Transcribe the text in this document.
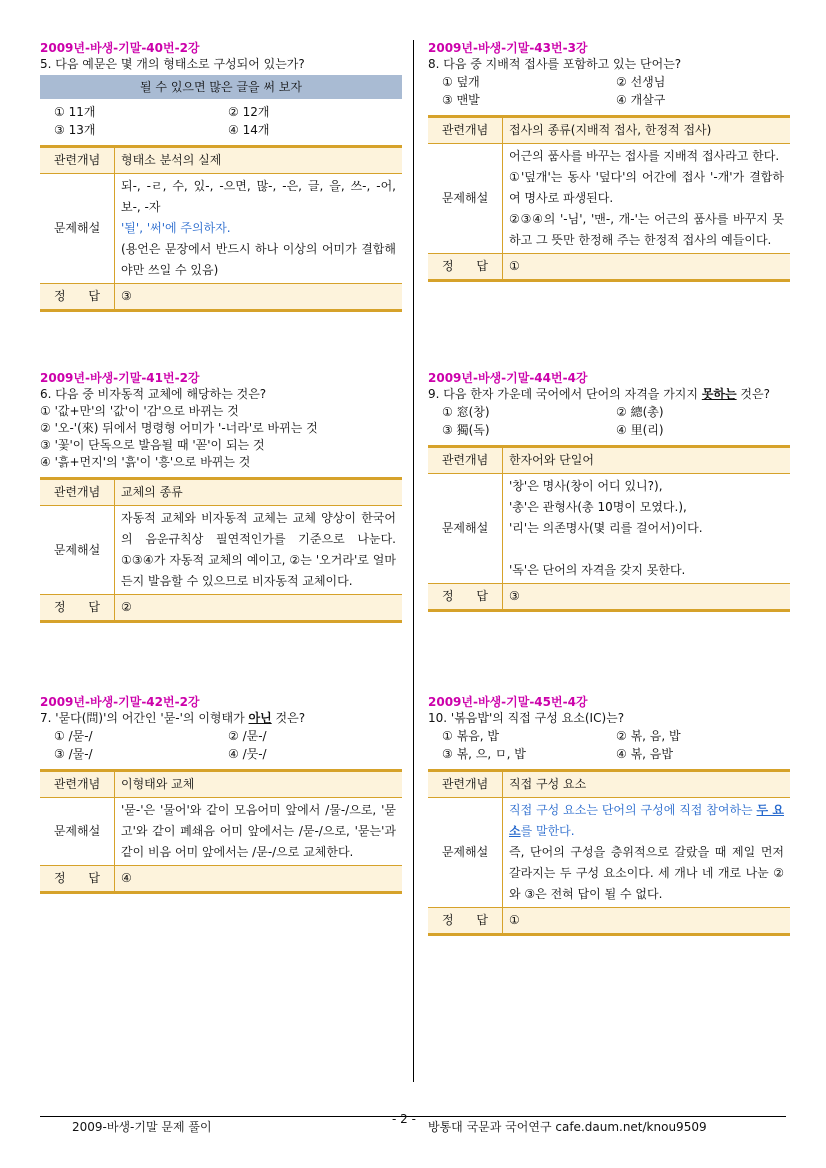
2009년-바생-기말-40번-2강
5. 다음 예문은 몇 개의 형태소로 구성되어 있는가?
될 수 있으면 많은 글을 써 보자
① 11개	② 12개
③ 13개	④ 14개
관련개념	형태소 분석의 실제
문제해설	되-, -ㄹ, 수, 있-, -으면, 많-, -은, 글, 을, 쓰-, -어, 보-, -자
'될', '써'에 주의하자.
(용언은 문장에서 반드시 하나 이상의 어미가 결합해야만 쓰일 수 있음)

정      답	③
2009년-바생-기말-41번-2강
6. 다음 중 비자동적 교체에 해당하는 것은?
① '값+만'의 '값'이 '감'으로 바뀌는 것
② '오-'(來) 뒤에서 명령형 어미가 '-너라'로 바뀌는 것
③ '꽃'이 단독으로 발음될 때 '꼳'이 되는 것
④ '흙+먼지'의 '흙'이 '흥'으로 바뀌는 것
관련개념	교체의 종류
문제해설	자동적 교체와 비자동적 교체는 교체 양상이 한국어의 음운규칙상 필연적인가를 기준으로 나눈다. ①③④가 자동적 교체의 예이고, ②는 '오거라'로 얼마든지 발음할 수 있으므로 비자동적 교체이다.
정      답	②
2009년-바생-기말-42번-2강
7. '묻다(問)'의 어간인 '묻-'의 이형태가 아닌 것은?
① /묻-/	② /문-/
③ /물-/	④ /뭇-/
관련개념	이형태와 교체
문제해설	'묻-'은 '물어'와 같이 모음어미 앞에서 /물-/으로, '묻고'와 같이 폐쇄음 어미 앞에서는 /묻-/으로, '묻는'과 같이 비음 어미 앞에서는 /문-/으로 교체한다.
정      답	④
2009년-바생-기말-43번-3강
8. 다음 중 지배적 접사를 포함하고 있는 단어는?
① 덮개	② 선생님
③ 맨발	④ 개살구
관련개념	접사의 종류(지배적 접사, 한정적 접사)
문제해설	어근의 품사를 바꾸는 접사를 지배적 접사라고 한다.
①'덮개'는 동사 '덮다'의 어간에 접사 '-개'가 결합하여 명사로 파생된다.
②③④의 '-님', '맨-, 개-'는 어근의 품사를 바꾸지 못하고 그 뜻만 한정해 주는 한정적 접사의 예들이다.

정      답	①
2009년-바생-기말-44번-4강
9. 다음 한자 가운데 국어에서 단어의 자격을 가지지 못하는 것은?
① 窓(창)	② 總(총)
③ 獨(독)	④ 里(리)
관련개념	한자어와 단일어
문제해설	'창'은 명사(창이 어디 있니?),
'총'은 관형사(총 10명이 모였다.),
'리'는 의존명사(몇 리를 걸어서)이다.
'독'은 단어의 자격을 갖지 못한다.

정      답	③
2009년-바생-기말-45번-4강
10. '볶음밥'의 직접 구성 요소(IC)는?
① 볶음, 밥	② 볶, 음, 밥
③ 볶, 으, ㅁ, 밥	④ 볶, 음밥
관련개념	직접 구성 요소
문제해설	직접 구성 요소는 단어의 구성에 직접 참여하는 두 요소를 말한다.
즉, 단어의 구성을 층위적으로 갈랐을 때 제일 먼저 갈라지는 두 구성 요소이다. 세 개나 네 개로 나눈 ②와 ③은 전혀 답이 될 수 없다.

정      답	①
2009-바생-기말 문제 풀이
- 2 -
방통대 국문과 국어연구 cafe.daum.net/knou9509
